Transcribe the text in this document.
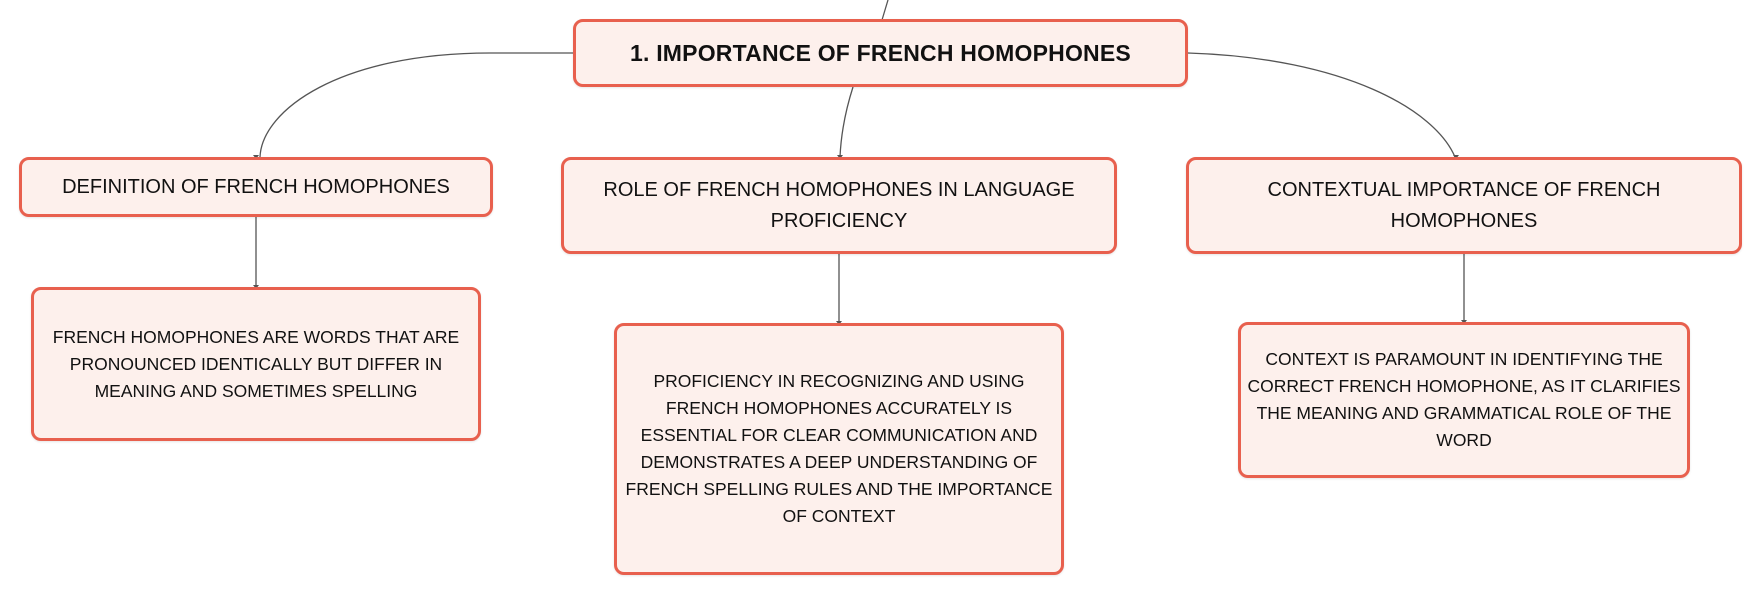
1. IMPORTANCE OF FRENCH HOMOPHONES
DEFINITION OF FRENCH HOMOPHONES	ROLE OF FRENCH HOMOPHONES IN LANGUAGE PROFICIENCY
CONTEXTUAL IMPORTANCE OF FRENCH HOMOPHONES
FRENCH HOMOPHONES ARE WORDS THAT ARE PRONOUNCED IDENTICALLY BUT DIFFER IN MEANING AND SOMETIMES SPELLING	PROFICIENCY IN RECOGNIZING AND USING FRENCH HOMOPHONES ACCURATELY IS ESSENTIAL FOR CLEAR COMMUNICATION AND DEMONSTRATES A DEEP UNDERSTANDING OF FRENCH SPELLING RULES AND THE IMPORTANCE OF CONTEXT
CONTEXT IS PARAMOUNT IN IDENTIFYING THE CORRECT FRENCH HOMOPHONE, AS IT CLARIFIES THE MEANING AND GRAMMATICAL ROLE OF THE WORD
